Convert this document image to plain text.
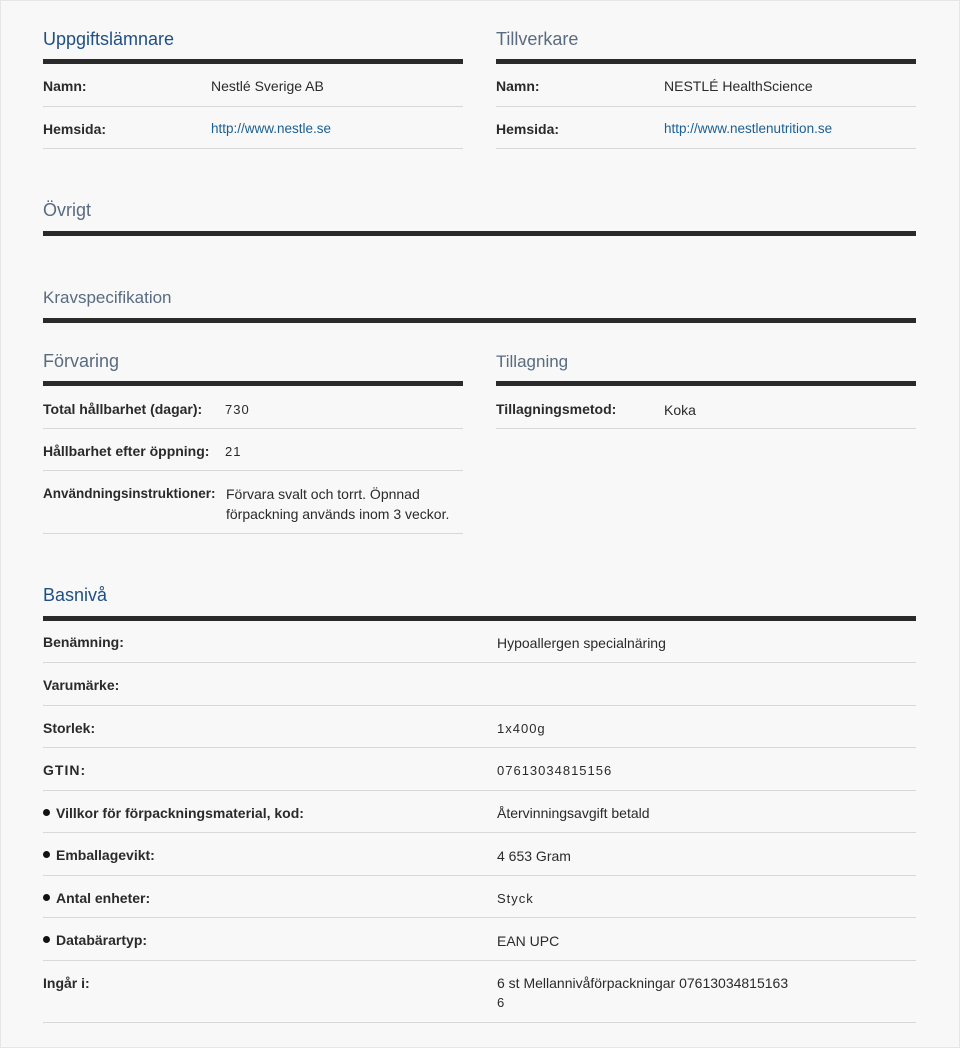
Uppgiftslämnare
Namn:	Nestlé Sverige AB
Hemsida:	http://www.nestle.se
Tillverkare
Namn:	NESTLÉ HealthScience
Hemsida:	http://www.nestlenutrition.se
Övrigt
Kravspecifikation
Förvaring
Total hållbarhet (dagar): 730
Hållbarhet efter öppning: 21
Användningsinstruktioner: Förvara svalt och torrt. Öpnnad förpackning används inom 3 veckor.
Tillagning
Tillagningsmetod:	Koka
Basnivå
Benämning:	Hypoallergen specialnäring
Varumärke:
Storlek:	1x400g
GTIN:	07613034815156
Villkor för förpackningsmaterial, kod:	Återvinningsavgift betald
Emballagevikt:	4 653 Gram
Antal enheter:	Styck
Databärartyp:	EAN UPC
Ingår i:	6 st Mellannivåförpackningar 07613034815163
6
